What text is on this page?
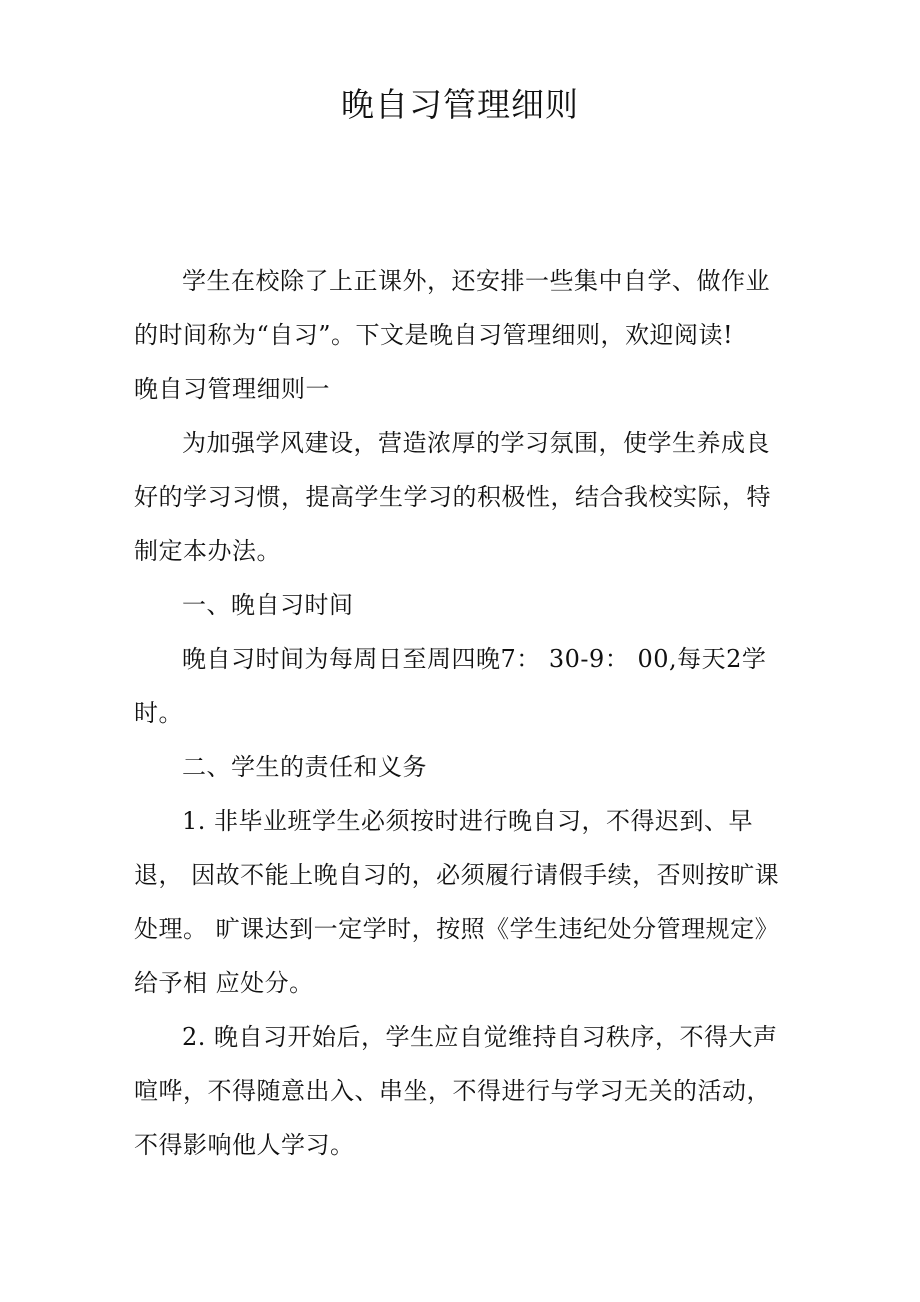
晚自习管理细则

学生在校除了上正课外，还安排一些集中自学、做作业的时间称为“自习”。下文是晚自习管理细则，欢迎阅读!

晚自习管理细则一

为加强学风建设，营造浓厚的学习氛围，使学生养成良好的学习习惯，提高学生学习的积极性，结合我校实际，特制定本办法。

一、晚自习时间

晚自习时间为每周日至周四晚7： 30-9： 00,每天2学时。

二、学生的责任和义务

1. 非毕业班学生必须按时进行晚自习，不得迟到、早退， 因故不能上晚自习的，必须履行请假手续，否则按旷课处理。 旷课达到一定学时，按照《学生违纪处分管理规定》给予相 应处分。

2. 晚自习开始后，学生应自觉维持自习秩序，不得大声喧哗，不得随意出入、串坐，不得进行与学习无关的活动，不得影响他人学习。
